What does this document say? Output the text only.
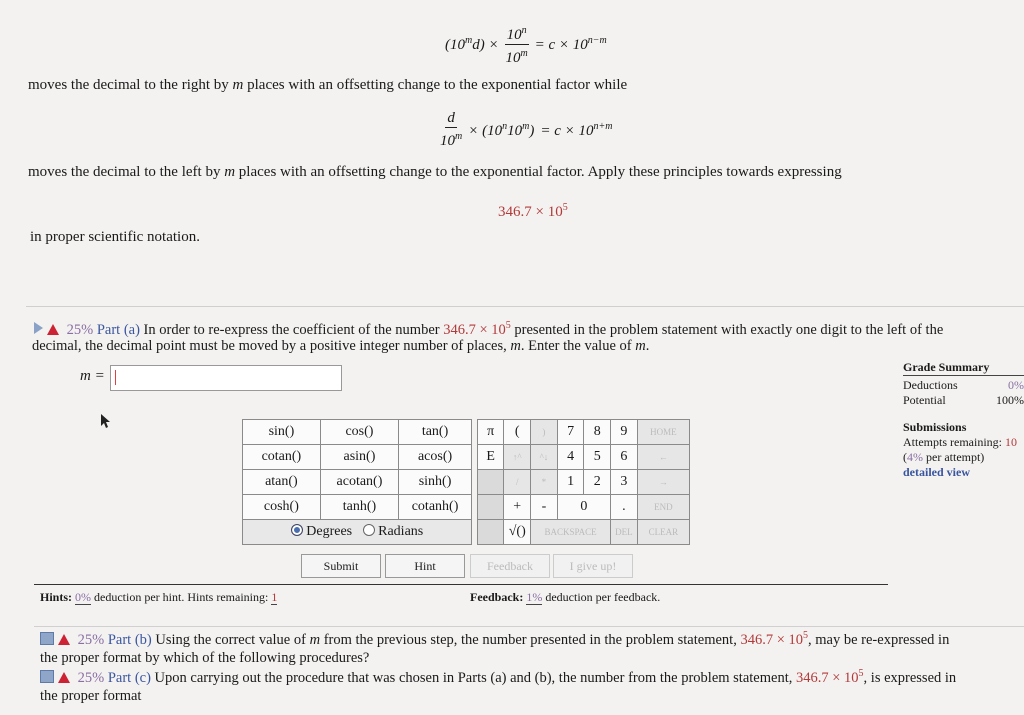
$(10^md) \times \frac{10^n}{10^m} = c \times 10^{n-m}$
moves the decimal to the right by m places with an offsetting change to the exponential factor while
$\frac{d}{10^m} \times (10^n10^m) = c \times 10^{n+m}$
moves the decimal to the left by m places with an offsetting change to the exponential factor. Apply these principles towards expressing
$346.7 \times 10^5$
in proper scientific notation.
25% Part (a) In order to re-express the coefficient of the number $346.7 \times 10^5$ presented in the problem statement with exactly one digit to the left of the
decimal, the decimal point must be moved by a positive integer number of places, m. Enter the value of m.
m =
sin()	cos()	tan()
cotan()	asin()	acos()
atan()	acotan()	sinh()
cosh()	tanh()	cotanh()
Degrees Radians		
π	(	)	7	8	9	HOME
E	↑^	^↓	4	5	6	←
	/	*	1	2	3	→
	+	-	0		.	END
	√()	BACKSPACE			DEL	CLEAR
Submit	Hint	Feedback	I give up!
Hints: 0% deduction per hint. Hints remaining: 1	Feedback: 1% deduction per feedback.
Grade Summary
Deductions	0%
Potential	100%
Submissions
Attempts remaining: 10
(4% per attempt)
detailed view
25% Part (b) Using the correct value of m from the previous step, the number presented in the problem statement, $346.7 \times 10^5$, may be re-expressed in
the proper format by which of the following procedures?
25% Part (c) Upon carrying out the procedure that was chosen in Parts (a) and (b), the number from the problem statement, $346.7 \times 10^5$, is expressed in
the proper format
